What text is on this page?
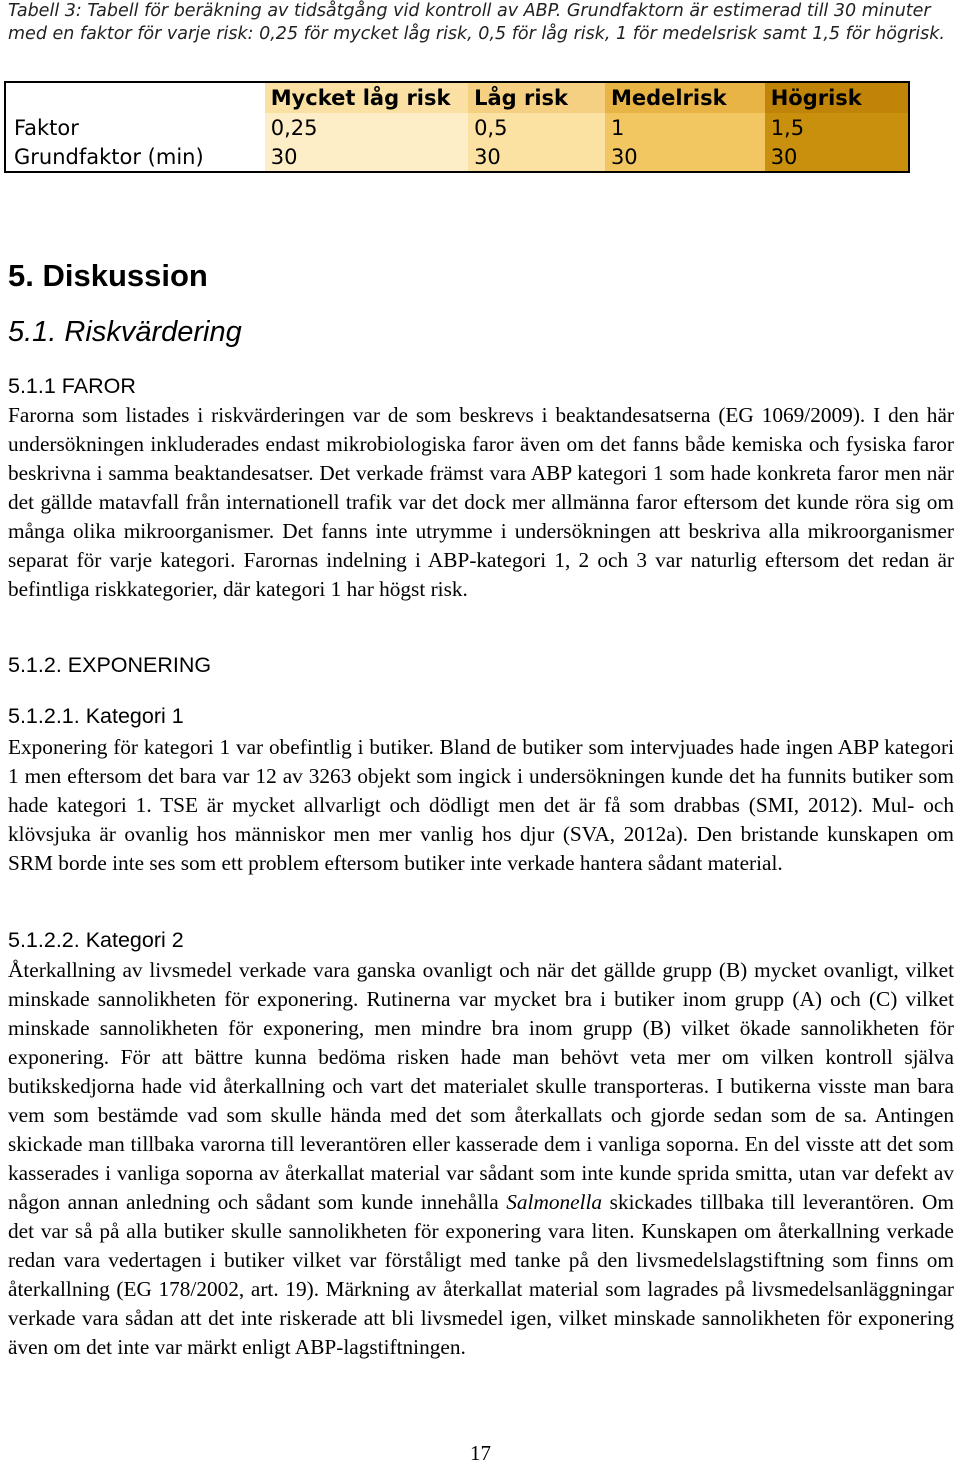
Tabell 3: Tabell för beräkning av tidsåtgång vid kontroll av ABP. Grundfaktorn är estimerad till 30 minuter med en faktor för varje risk: 0,25 för mycket låg risk, 0,5 för låg risk, 1 för medelsrisk samt 1,5 för högrisk.
	Mycket låg risk	Låg risk	Medelrisk	Högrisk
Faktor	0,25	0,5	1	1,5
Grundfaktor (min)	30	30	30	30
5. Diskussion
5.1. Riskvärdering
5.1.1 FAROR
Farorna som listades i riskvärderingen var de som beskrevs i beaktandesatserna (EG 1069/2009). I den här undersökningen inkluderades endast mikrobiologiska faror även om det fanns både kemiska och fysiska faror beskrivna i samma beaktandesatser. Det verkade främst vara ABP kategori 1 som hade konkreta faror men när det gällde matavfall från internationell trafik var det dock mer allmänna faror eftersom det kunde röra sig om många olika mikroorganismer. Det fanns inte utrymme i undersökningen att beskriva alla mikroorganismer separat för varje kategori. Farornas indelning i ABP-kategori 1, 2 och 3 var naturlig eftersom det redan är befintliga riskkategorier, där kategori 1 har högst risk.
5.1.2. EXPONERING
5.1.2.1. Kategori 1
Exponering för kategori 1 var obefintlig i butiker. Bland de butiker som intervjuades hade ingen ABP kategori 1 men eftersom det bara var 12 av 3263 objekt som ingick i undersökningen kunde det ha funnits butiker som hade kategori 1. TSE är mycket allvarligt och dödligt men det är få som drabbas (SMI, 2012). Mul- och klövsjuka är ovanlig hos människor men mer vanlig hos djur (SVA, 2012a). Den bristande kunskapen om SRM borde inte ses som ett problem eftersom butiker inte verkade hantera sådant material.
5.1.2.2. Kategori 2
Återkallning av livsmedel verkade vara ganska ovanligt och när det gällde grupp (B) mycket ovanligt, vilket minskade sannolikheten för exponering. Rutinerna var mycket bra i butiker inom grupp (A) och (C) vilket minskade sannolikheten för exponering, men mindre bra inom grupp (B) vilket ökade sannolikheten för exponering. För att bättre kunna bedöma risken hade man behövt veta mer om vilken kontroll själva butikskedjorna hade vid återkallning och vart det materialet skulle transporteras. I butikerna visste man bara vem som bestämde vad som skulle hända med det som återkallats och gjorde sedan som de sa. Antingen skickade man tillbaka varorna till leverantören eller kasserade dem i vanliga soporna. En del visste att det som kasserades i vanliga soporna av återkallat material var sådant som inte kunde sprida smitta, utan var defekt av någon annan anledning och sådant som kunde innehålla Salmonella skickades tillbaka till leverantören. Om det var så på alla butiker skulle sannolikheten för exponering vara liten. Kunskapen om återkallning verkade redan vara vedertagen i butiker vilket var förståligt med tanke på den livsmedelslagstiftning som finns om återkallning (EG 178/2002, art. 19). Märkning av återkallat material som lagrades på livsmedelsanläggningar verkade vara sådan att det inte riskerade att bli livsmedel igen, vilket minskade sannolikheten för exponering även om det inte var märkt enligt ABP-lagstiftningen.
17
